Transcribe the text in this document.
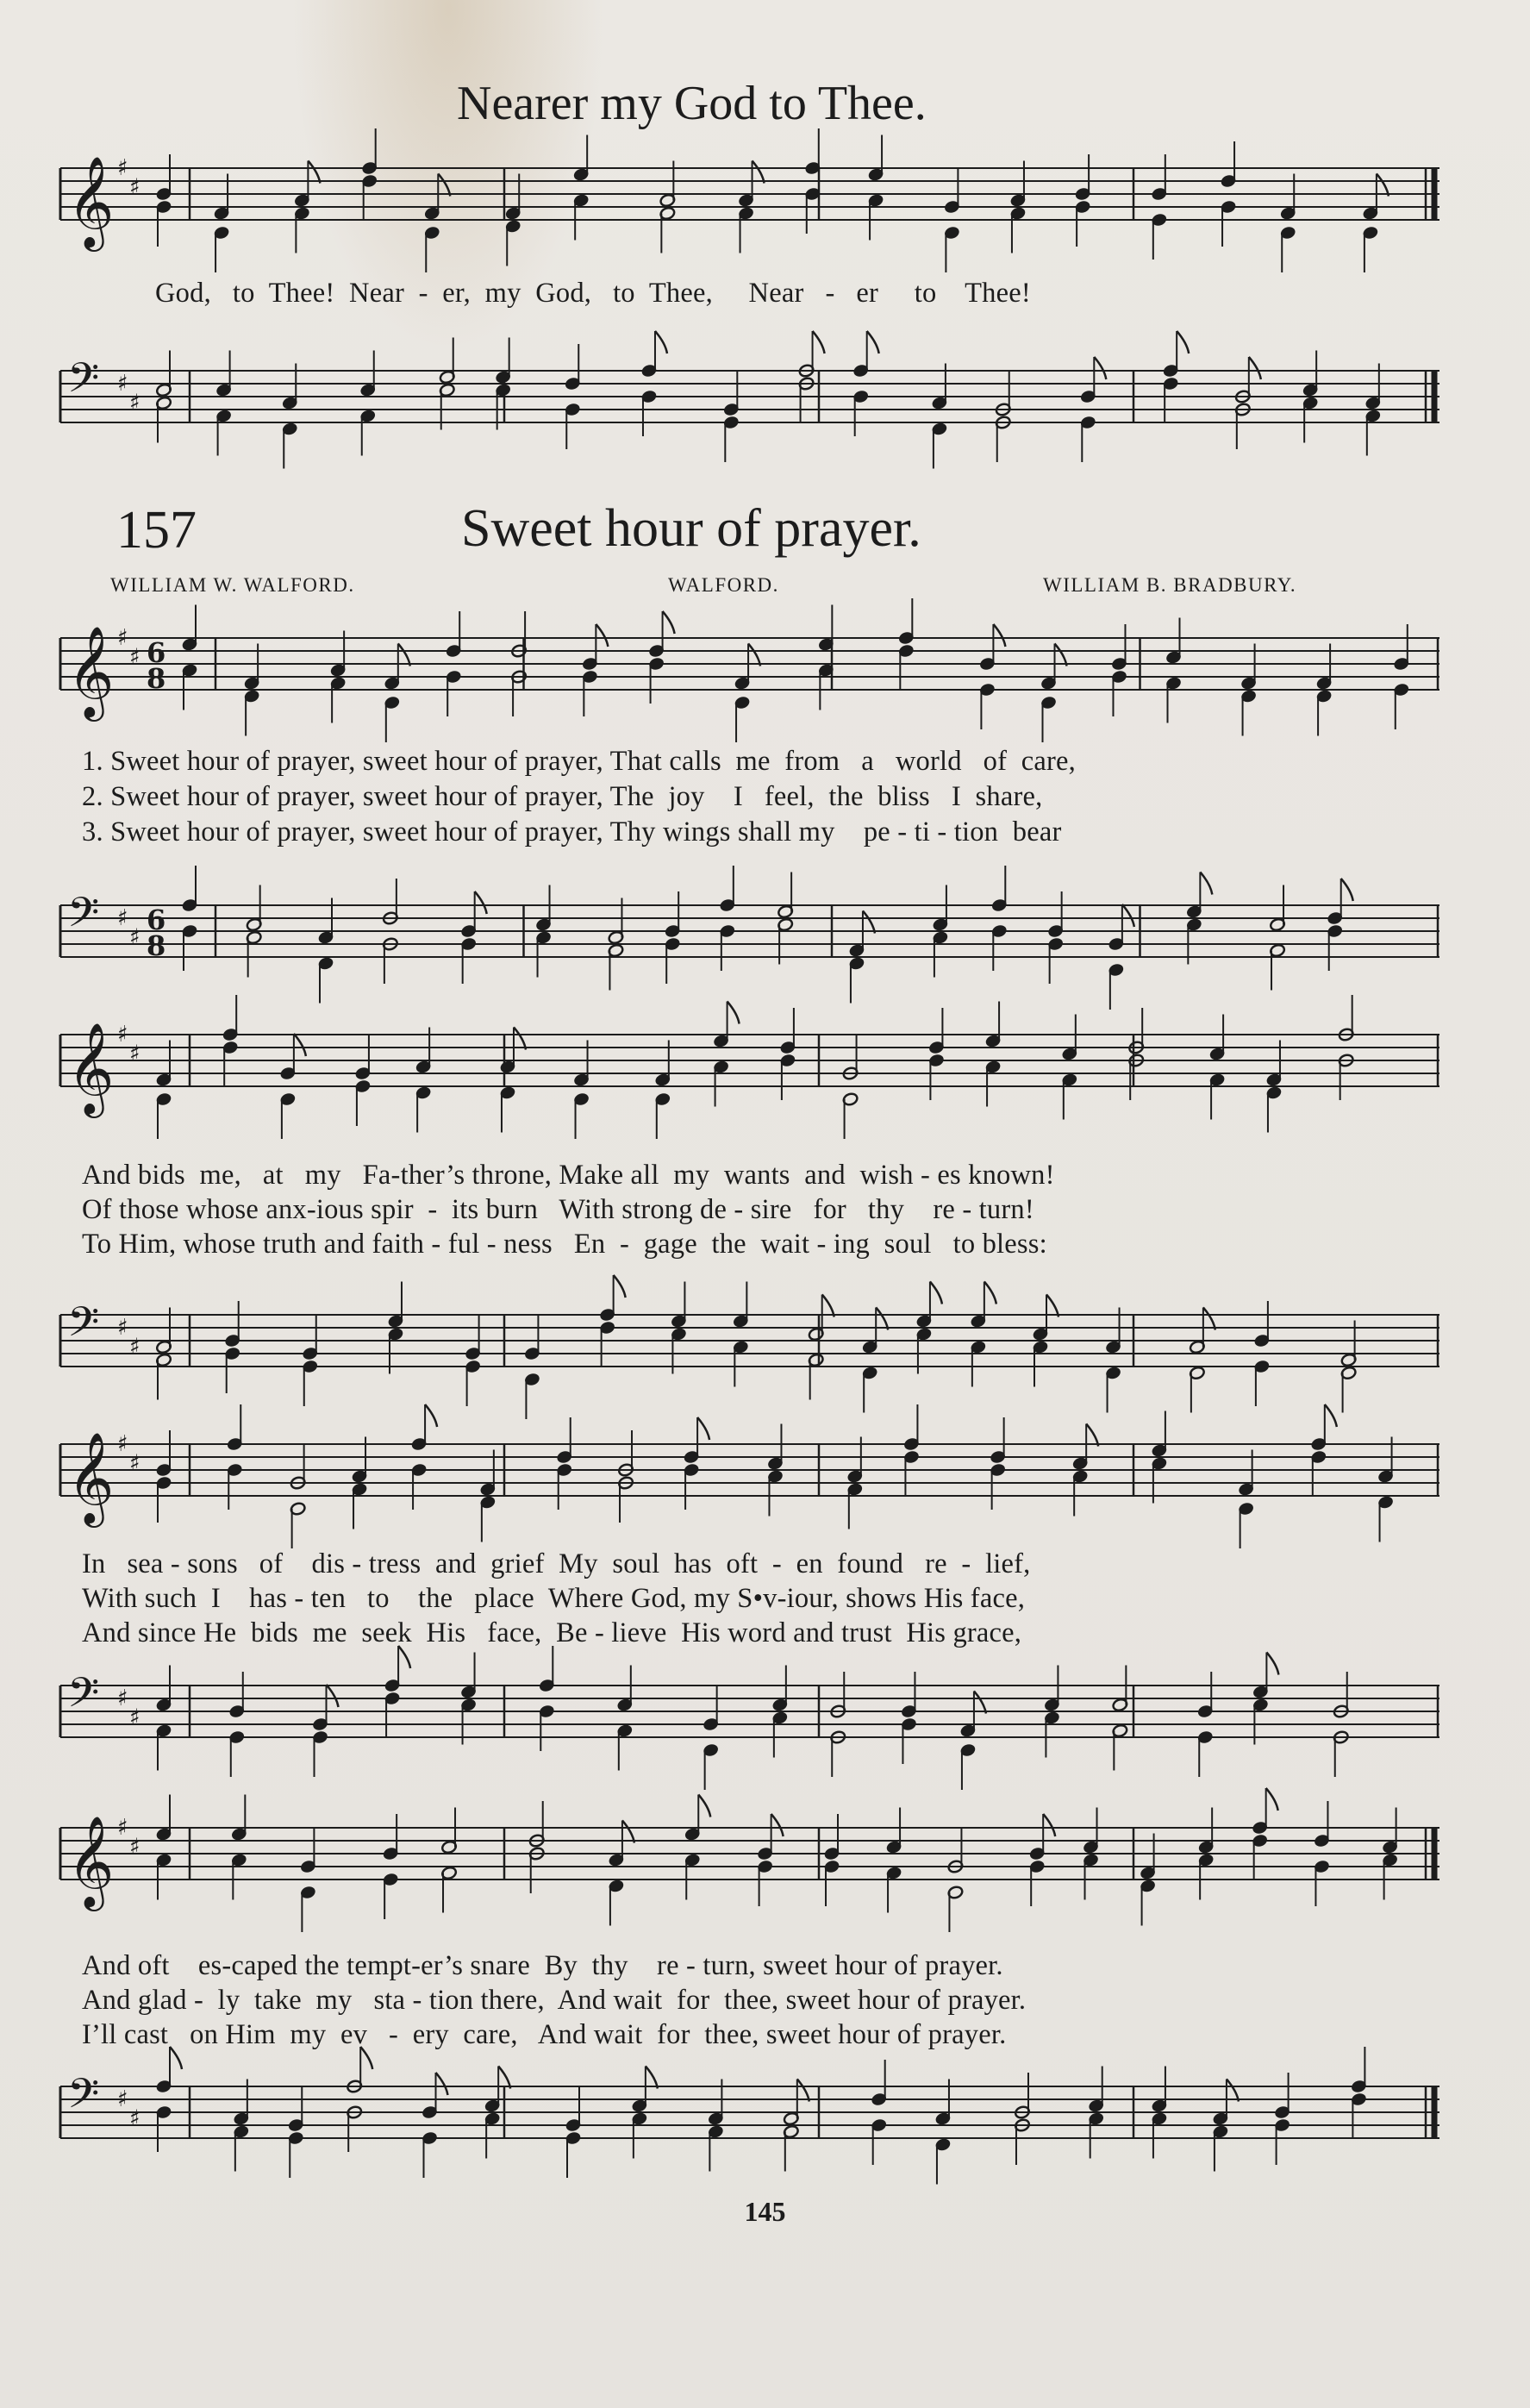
Nearer my God to Thee.
𝄞 ♯
♯
God,   to  Thee!  Near  -  er,  my  God,   to  Thee,     Near   -   er     to    Thee!
𝄢 ♯
♯
157	Sweet hour of prayer.
WILLIAM W. WALFORD.	WALFORD.	WILLIAM B. BRADBURY.
𝄞 ♯
♯ 6
8
1. Sweet hour of prayer, sweet hour of prayer, That calls  me  from   a   world   of  care,
2. Sweet hour of prayer, sweet hour of prayer, The  joy    I   feel,  the  bliss   I  share,
3. Sweet hour of prayer, sweet hour of prayer, Thy wings shall my    pe - ti - tion  bear
𝄢 ♯
♯
6
8
𝄞 ♯
♯
And bids  me,   at   my   Fa-ther’s throne, Make all  my  wants  and  wish - es known!
Of those whose anx-ious spir  -  its burn   With strong de - sire   for   thy    re - turn!
To Him, whose truth and faith - ful - ness   En  -  gage  the  wait - ing  soul   to bless:
𝄢 ♯
♯
𝄞 ♯
♯
In   sea - sons   of    dis - tress  and  grief  My  soul  has  oft  -  en  found   re  -  lief,
With such  I    has - ten   to    the   place  Where God, my S•v-iour, shows His face,
And since He  bids  me  seek  His   face,  Be - lieve  His word and trust  His grace,
𝄢 ♯
♯
𝄞 ♯
♯
And oft    es-caped the tempt-er’s snare  By  thy    re - turn, sweet hour of prayer.
And glad -  ly  take  my   sta - tion there,  And wait  for  thee, sweet hour of prayer.
I’ll cast   on Him  my  ev   -  ery  care,   And wait  for  thee, sweet hour of prayer.
𝄢 ♯
♯
145
